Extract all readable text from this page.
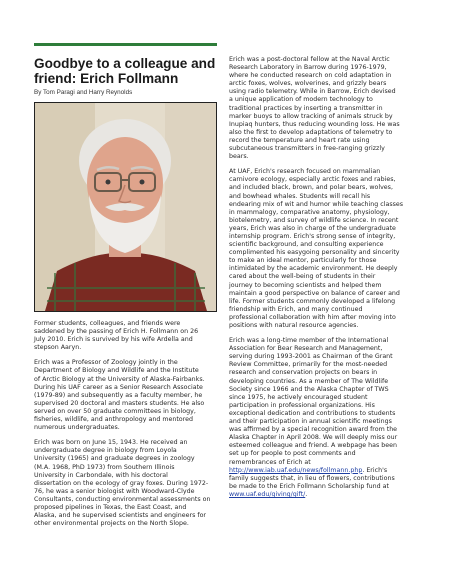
Goodbye to a colleague and
friend: Erich Follmann
By Tom Paragi and Harry Reynolds

Former students, colleagues, and friends were
saddened by the passing of Erich H. Follmann on 26
July 2010. Erich is survived by his wife Ardella and
stepson Aaryn.

Erich was a Professor of Zoology jointly in the
Department of Biology and Wildlife and the Institute
of Arctic Biology at the University of Alaska-Fairbanks.
During his UAF career as a Senior Research Associate
(1979-89) and subsequently as a faculty member, he
supervised 20 doctoral and masters students. He also
served on over 50 graduate committees in biology,
fisheries, wildlife, and anthropology and mentored
numerous undergraduates.

Erich was born on June 15, 1943. He received an
undergraduate degree in biology from Loyola
University (1965) and graduate degrees in zoology
(M.A. 1968, PhD 1973) from Southern Illinois
University in Carbondale, with his doctoral
dissertation on the ecology of gray foxes. During 1972-
76, he was a senior biologist with Woodward-Clyde
Consultants, conducting environmental assessments on
proposed pipelines in Texas, the East Coast, and
Alaska, and he supervised scientists and engineers for
other environmental projects on the North Slope.

Erich was a post-doctoral fellow at the Naval Arctic
Research Laboratory in Barrow during 1976-1979,
where he conducted research on cold adaptation in
arctic foxes, wolves, wolverines, and grizzly bears
using radio telemetry. While in Barrow, Erich devised
a unique application of modern technology to
traditional practices by inserting a transmitter in
marker buoys to allow tracking of animals struck by
Inupiaq hunters, thus reducing wounding loss. He was
also the first to develop adaptations of telemetry to
record the temperature and heart rate using
subcutaneous transmitters in free-ranging grizzly
bears.

At UAF, Erich's research focused on mammalian
carnivore ecology, especially arctic foxes and rabies,
and included black, brown, and polar bears, wolves,
and bowhead whales. Students will recall his
endearing mix of wit and humor while teaching classes
in mammalogy, comparative anatomy, physiology,
biotelemetry, and survey of wildlife science. In recent
years, Erich was also in charge of the undergraduate
internship program. Erich's strong sense of integrity,
scientific background, and consulting experience
complimented his easygoing personality and sincerity
to make an ideal mentor, particularly for those
intimidated by the academic environment. He deeply
cared about the well-being of students in their
journey to becoming scientists and helped them
maintain a good perspective on balance of career and
life. Former students commonly developed a lifelong
friendship with Erich, and many continued
professional collaboration with him after moving into
positions with natural resource agencies.

Erich was a long-time member of the International
Association for Bear Research and Management,
serving during 1993-2001 as Chairman of the Grant
Review Committee, primarily for the most-needed
research and conservation projects on bears in
developing countries. As a member of The Wildlife
Society since 1966 and the Alaska Chapter of TWS
since 1975, he actively encouraged student
participation in professional organizations. His
exceptional dedication and contributions to students
and their participation in annual scientific meetings
was affirmed by a special recognition award from the
Alaska Chapter in April 2008. We will deeply miss our
esteemed colleague and friend. A webpage has been
set up for people to post comments and
remembrances of Erich at
http://www.iab.uaf.edu/news/follmann.php. Erich's
family suggests that, in lieu of flowers, contributions
be made to the Erich Follmann Scholarship fund at
www.uaf.edu/giving/gift/.
